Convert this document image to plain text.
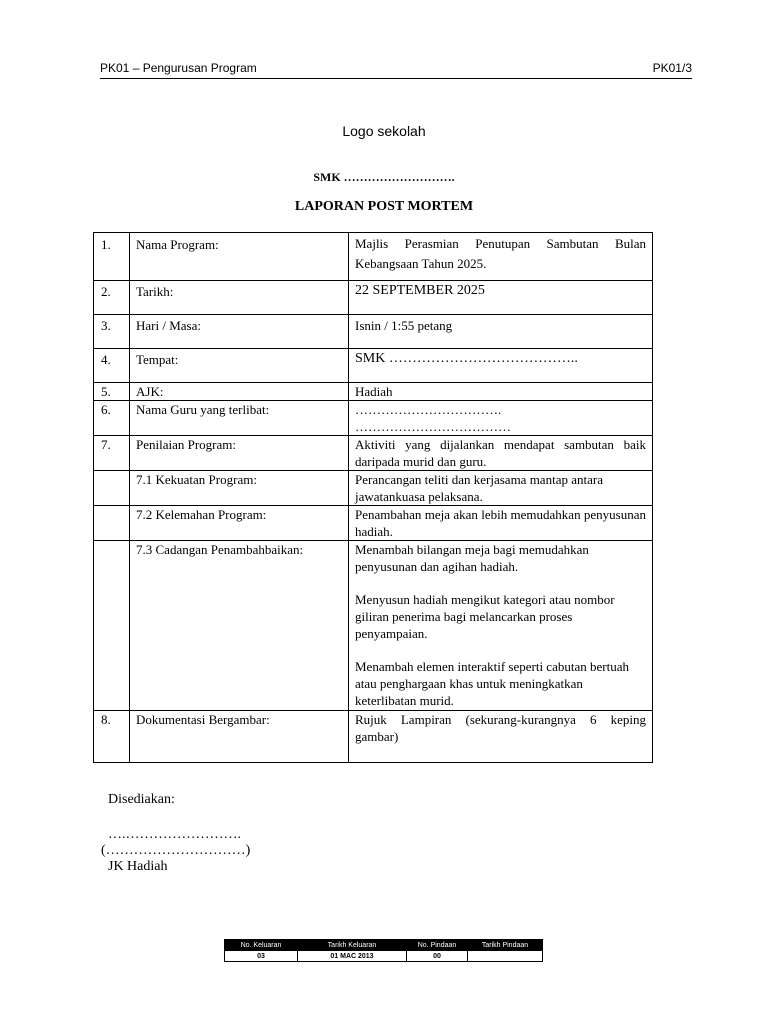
PK01 – Pengurusan Program	PK01/3
Logo sekolah
SMK ……………………….
LAPORAN POST MORTEM
1.	Nama Program:	Majlis Perasmian Penutupan Sambutan Bulan Kebangsaan Tahun 2025.
2.	Tarikh:	22 SEPTEMBER 2025
3.	Hari / Masa:	Isnin / 1:55 petang
4.	Tempat:	SMK …………………………………..
5.	AJK:	Hadiah
6.	Nama Guru yang terlibat:	…………………………….
………………………………

7.	Penilaian Program:	Aktiviti yang dijalankan mendapat sambutan baik daripada murid dan guru.
	7.1 Kekuatan Program:	Perancangan teliti dan kerjasama mantap antara jawatankuasa pelaksana.
	7.2 Kelemahan Program:	Penambahan meja akan lebih memudahkan penyusunan hadiah.
	7.3 Cadangan Penambahbaikan:	Menambah bilangan meja bagi memudahkan penyusunan dan agihan hadiah.

Menyusun hadiah mengikut kategori atau nombor giliran penerima bagi melancarkan proses penyampaian.

Menambah elemen interaktif seperti cabutan bertuah atau penghargaan khas untuk meningkatkan keterlibatan murid.

8.	Dokumentasi Bergambar:	Rujuk Lampiran (sekurang-kurangnya 6 keping gambar)
Disediakan:
….…………………….
(…………………………)
JK Hadiah
No. Keluaran	Tarikh Keluaran	No. Pindaan	Tarikh Pindaan
03	01 MAC 2013	00	
